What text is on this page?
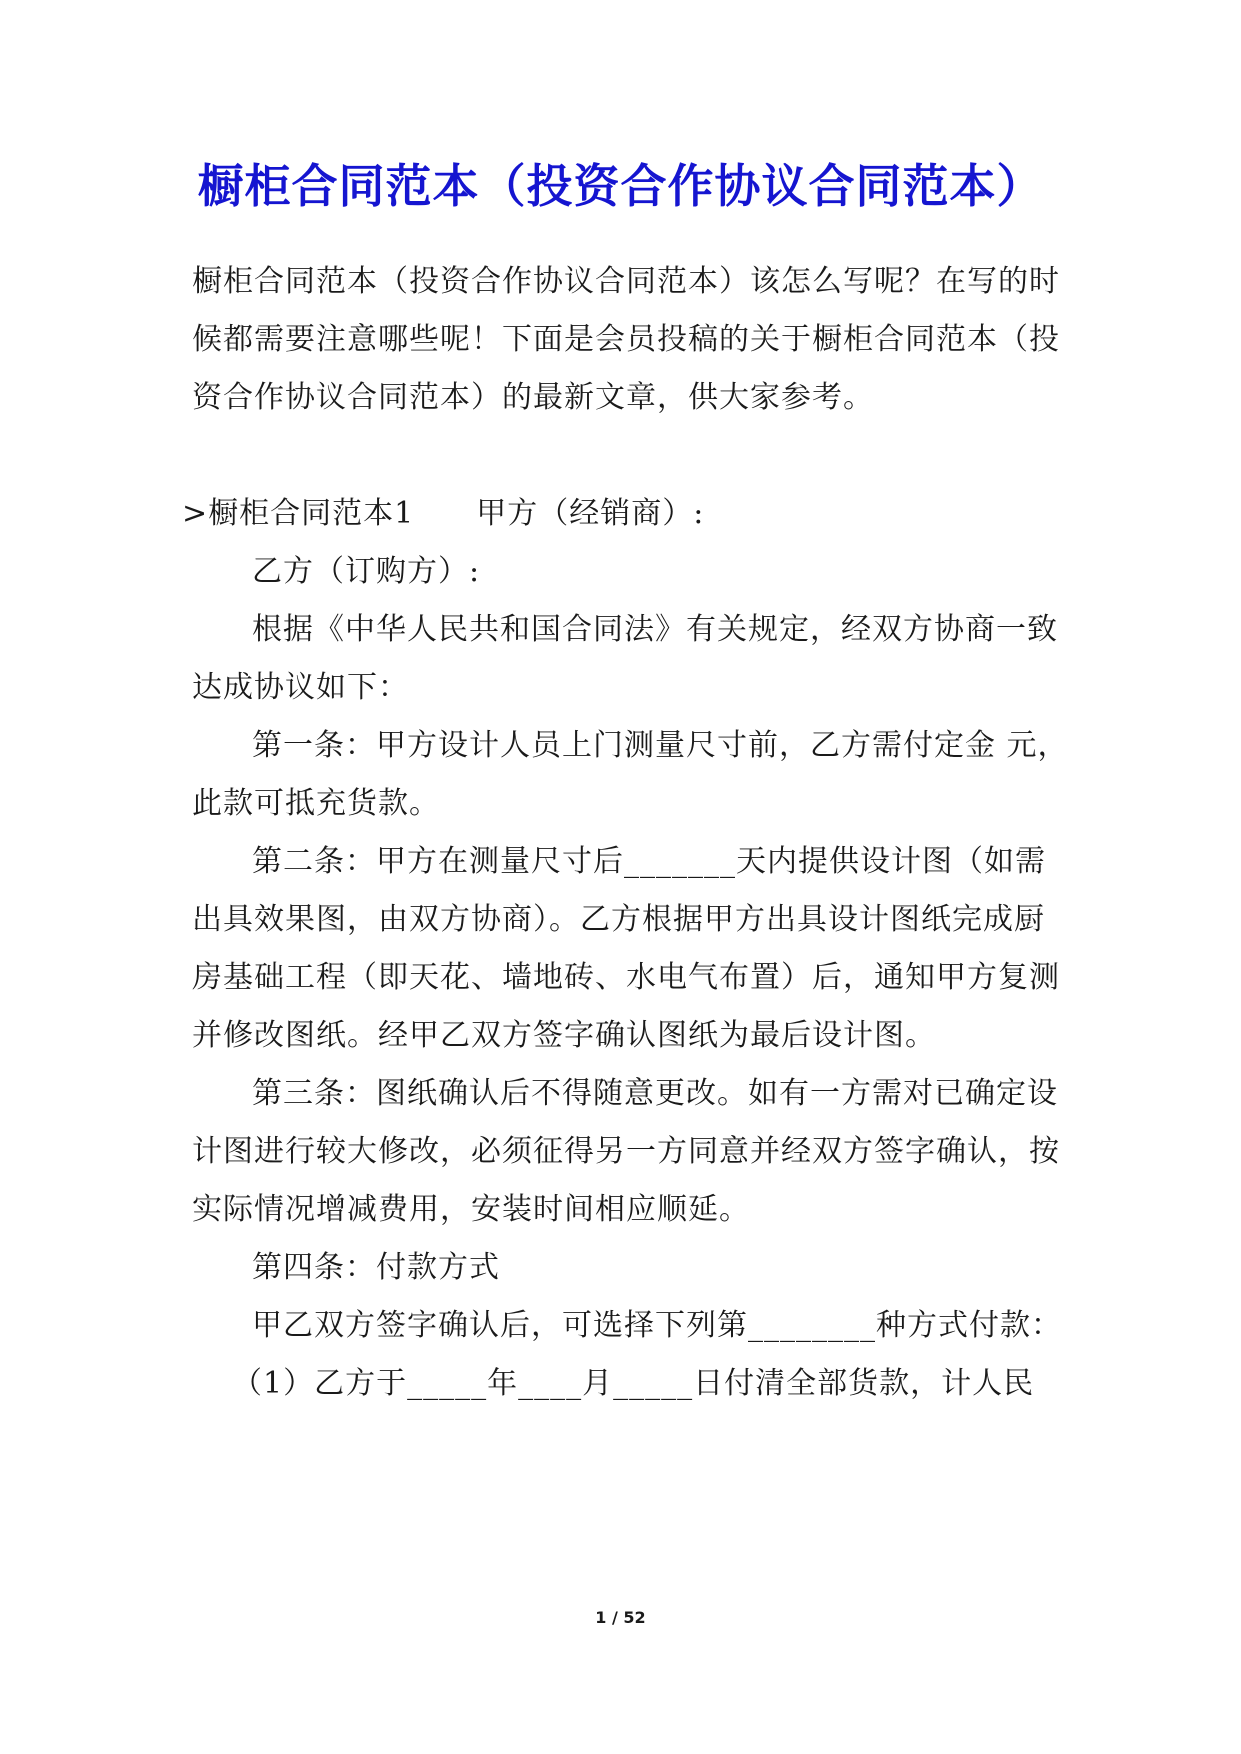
橱柜合同范本（投资合作协议合同范本）
橱柜合同范本（投资合作协议合同范本）该怎么写呢？在写的时
候都需要注意哪些呢！下面是会员投稿的关于橱柜合同范本（投
资合作协议合同范本）的最新文章，供大家参考。
>橱柜合同范本1 甲方（经销商）:
乙方（订购方）:
根据《中华人民共和国合同法》有关规定，经双方协商一致
达成协议如下：
第一条：甲方设计人员上门测量尺寸前，乙方需付定金 元，
此款可抵充货款。
第二条：甲方在测量尺寸后_______天内提供设计图（如需
出具效果图，由双方协商）。乙方根据甲方出具设计图纸完成厨
房基础工程（即天花、墙地砖、水电气布置）后，通知甲方复测
并修改图纸。经甲乙双方签字确认图纸为最后设计图。
第三条：图纸确认后不得随意更改。如有一方需对已确定设
计图进行较大修改，必须征得另一方同意并经双方签字确认，按
实际情况增减费用，安装时间相应顺延。
第四条：付款方式
甲乙双方签字确认后，可选择下列第________种方式付款：
（1）乙方于_____年____月_____日付清全部货款，计人民
1 / 52
